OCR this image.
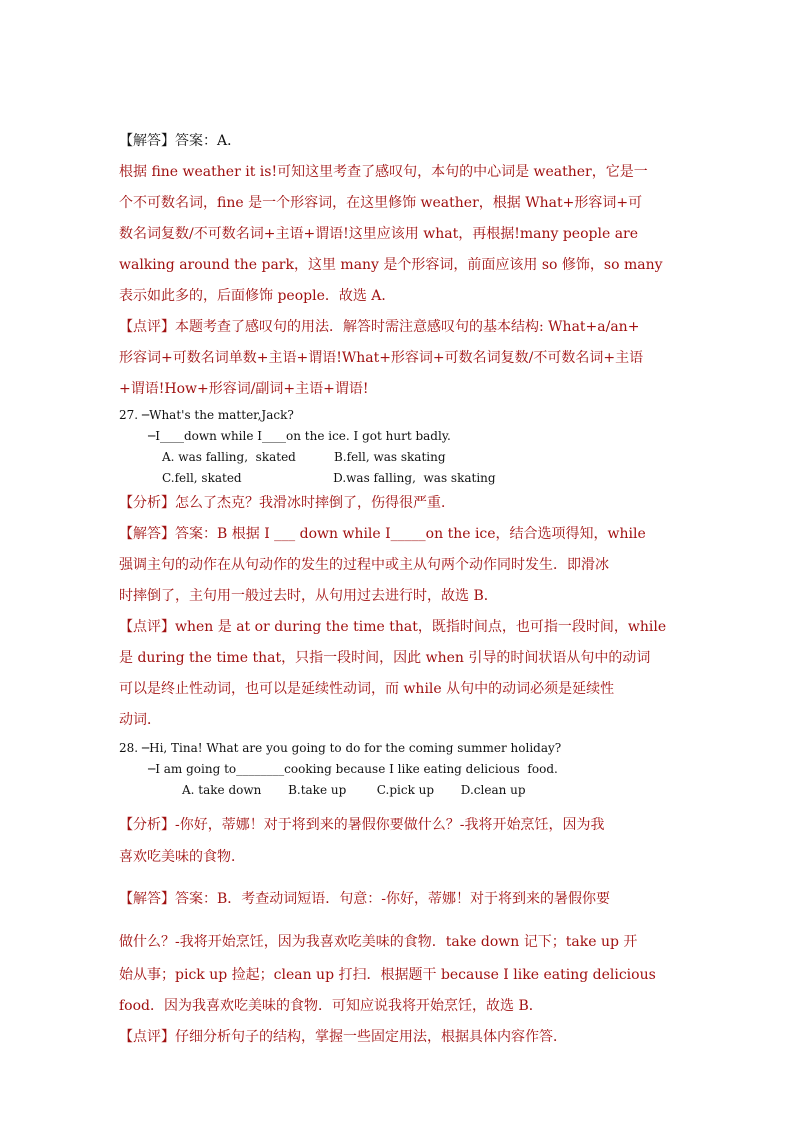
【解答】答案：A．

根据 fine weather it is!可知这里考查了感叹句，本句的中心词是 weather，它是一

个不可数名词，fine 是一个形容词，在这里修饰 weather，根据 What+形容词+可

数名词复数/不可数名词+主语+谓语!这里应该用 what，再根据!many people are

walking around the park，这里 many 是个形容词，前面应该用 so 修饰，so many

表示如此多的，后面修饰 people．故选 A．

【点评】本题考查了感叹句的用法．解答时需注意感叹句的基本结构: What+a/an+

形容词+可数名词单数+主语+谓语!What+形容词+可数名词复数/不可数名词+主语

+谓语!How+形容词/副词+主语+谓语!

27. ─What's the matter,Jack?

─I____down while I____on the ice. I got hurt badly.

A. was falling,  skated          B.fell, was skating

C.fell, skated                        D.was falling,  was skating

【分析】怎么了杰克？我滑冰时摔倒了，伤得很严重．

【解答】答案：B 根据 I ___ down while I_____on the ice，结合选项得知，while

强调主句的动作在从句动作的发生的过程中或主从句两个动作同时发生．即滑冰

时摔倒了，主句用一般过去时，从句用过去进行时，故选 B．

【点评】when 是 at or during the time that，既指时间点，也可指一段时间，while

是 during the time that，只指一段时间，因此 when 引导的时间状语从句中的动词

可以是终止性动词，也可以是延续性动词，而 while 从句中的动词必须是延续性

动词．

28. ─Hi, Tina! What are you going to do for the coming summer holiday?

─I am going to________cooking because I like eating delicious  food.

A. take down       B.take up        C.pick up       D.clean up

【分析】-你好，蒂娜！对于将到来的暑假你要做什么？-我将开始烹饪，因为我

喜欢吃美味的食物．

【解答】答案：B．考查动词短语．句意：-你好，蒂娜！对于将到来的暑假你要

做什么？-我将开始烹饪，因为我喜欢吃美味的食物．take down 记下；take up 开

始从事；pick up 捡起；clean up 打扫．根据题干 because I like eating delicious

food．因为我喜欢吃美味的食物．可知应说我将开始烹饪，故选 B．

【点评】仔细分析句子的结构，掌握一些固定用法，根据具体内容作答．
